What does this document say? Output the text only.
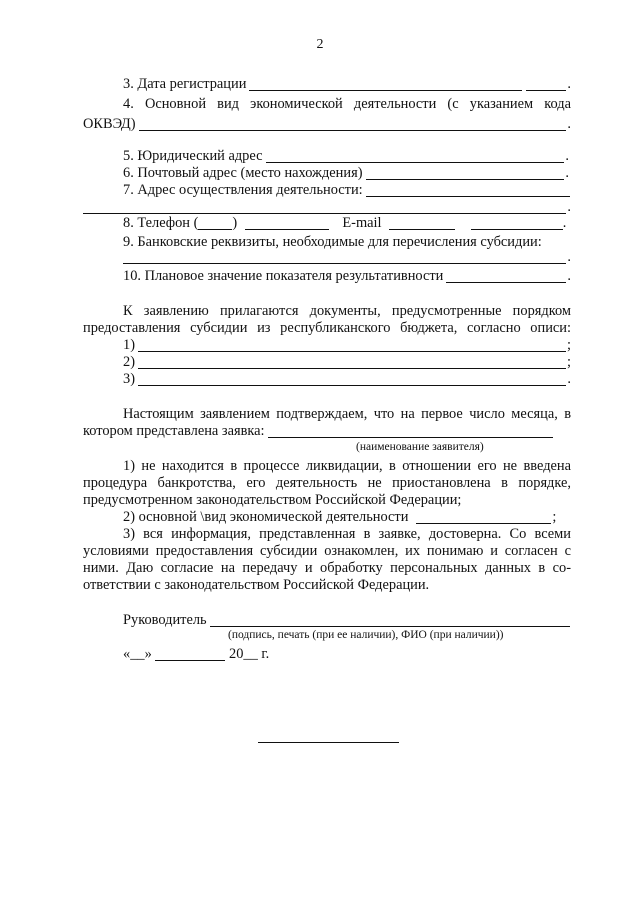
2
3. Дата регистрации	.
4. Основной вид экономической деятельности (с указанием кода
ОКВЭД)	.
5. Юридический адрес	.
6. Почтовый адрес (место нахождения)	.
7. Адрес осуществления деятельности:
.
8. Телефон ( )	E-mail	.
9. Банковские реквизиты, необходимые для перечисления субсидии:
.
10. Плановое значение показателя результативности	.
К заявлению прилагаются документы, предусмотренные порядком
предоставления субсидии из республиканского бюджета, согласно описи:
1)	;
2)	;
3)	.
Настоящим заявлением подтверждаем, что на первое число месяца, в
котором представлена заявка:
(наименование заявителя)
1) не находится в процессе ликвидации, в отношении его не введена
процедура банкротства, его деятельность не приостановлена в порядке,
предусмотренном законодательством Российской Федерации;
2) основной \вид экономической деятельности	;
3) вся информация, представленная в заявке, достоверна. Со всеми
условиями предоставления субсидии ознакомлен, их понимаю и согласен с
ними. Даю согласие на передачу и обработку персональных данных в со-
ответствии с законодательством Российской Федерации.
Руководитель
(подпись, печать (при ее наличии), ФИО (при наличии))
«__»	20__ г.
